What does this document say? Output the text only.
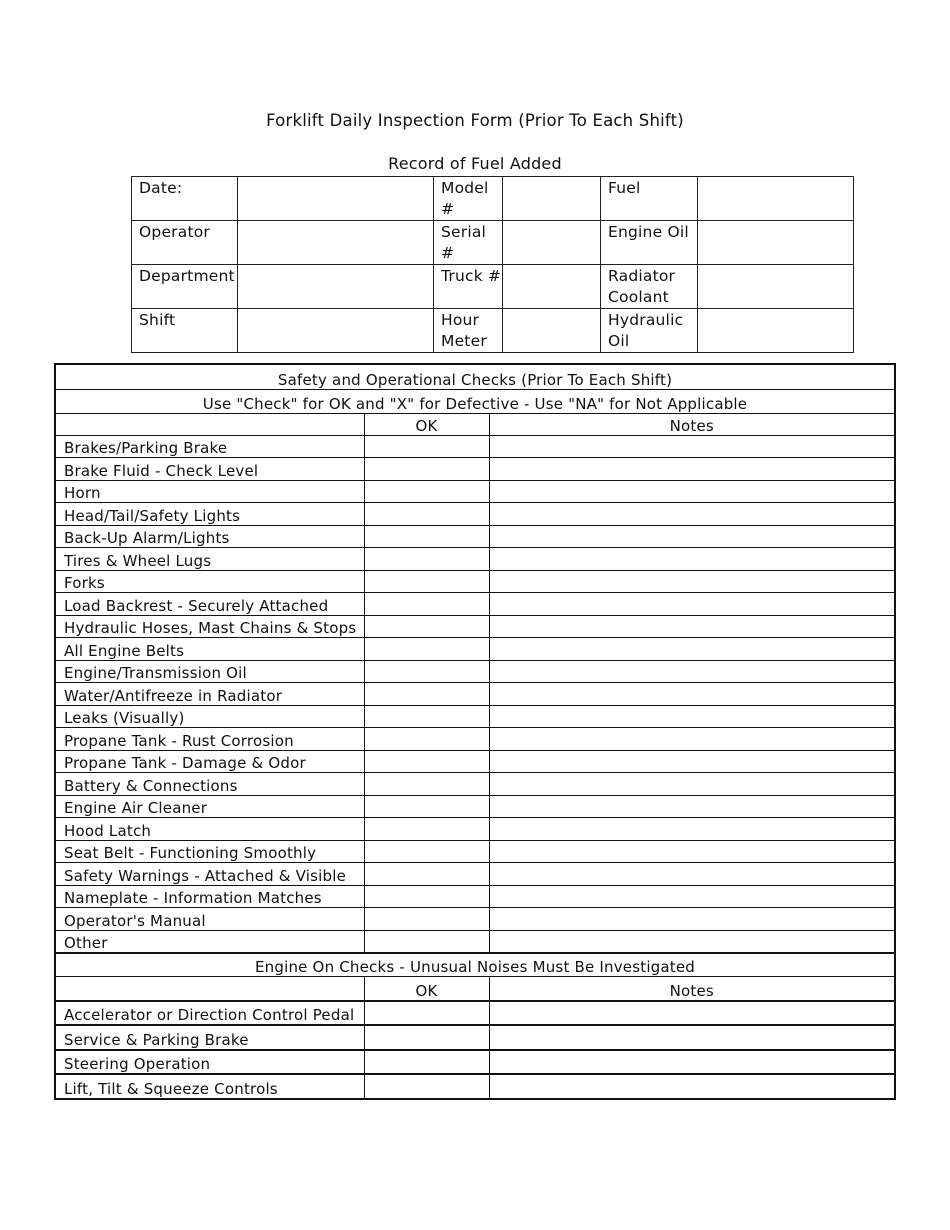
Forklift Daily Inspection Form (Prior To Each Shift)
Record of Fuel Added
Date:		Model #		Fuel	
Operator		Serial #		Engine Oil	
Department		Truck #		Radiator Coolant	
Shift		Hour Meter		Hydraulic Oil	
Safety and Operational Checks (Prior To Each Shift)		
Use "Check" for OK and "X" for Defective - Use "NA" for Not Applicable		
	OK	Notes
Brakes/Parking Brake		
Brake Fluid - Check Level		
Horn		
Head/Tail/Safety Lights		
Back-Up Alarm/Lights		
Tires & Wheel Lugs		
Forks		
Load Backrest - Securely Attached		
Hydraulic Hoses, Mast Chains & Stops		
All Engine Belts		
Engine/Transmission Oil		
Water/Antifreeze in Radiator		
Leaks (Visually)		
Propane Tank - Rust Corrosion		
Propane Tank - Damage & Odor		
Battery & Connections		
Engine Air Cleaner		
Hood Latch		
Seat Belt - Functioning Smoothly		
Safety Warnings - Attached & Visible		
Nameplate - Information Matches		
Operator's Manual		
Other		
Engine On Checks - Unusual Noises Must Be Investigated		
	OK	Notes
Accelerator or Direction Control Pedal		
Service & Parking Brake		
Steering Operation		
Lift, Tilt & Squeeze Controls		
